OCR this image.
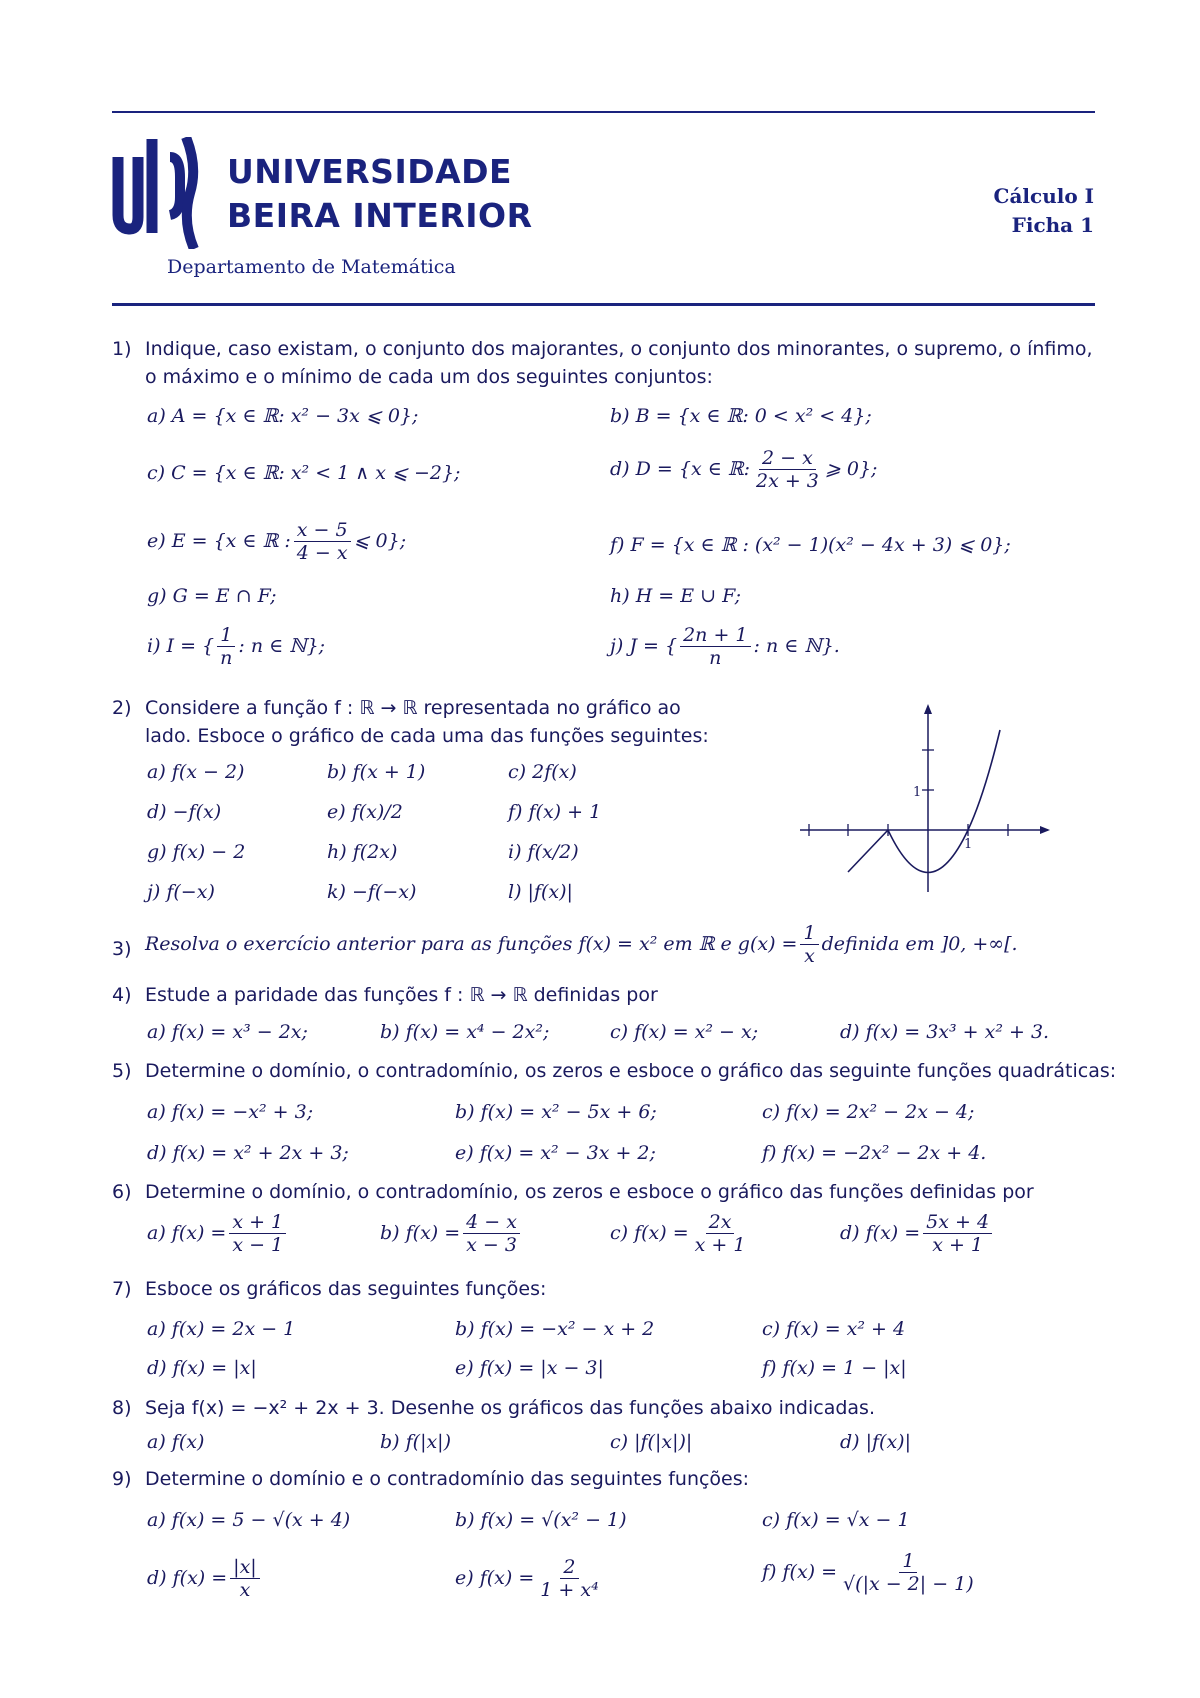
UNIVERSIDADE
BEIRA INTERIOR
Departamento de Matemática
Cálculo I
Ficha 1
1) Indique, caso existam, o conjunto dos majorantes, o conjunto dos minorantes, o supremo, o ínfimo,
o máximo e o mínimo de cada um dos seguintes conjuntos:
a) A = {x ∈ ℝ: x² − 3x ⩽ 0};	b) B = {x ∈ ℝ: 0 < x² < 4};
c) C = {x ∈ ℝ: x² < 1 ∧ x ⩽ −2};	d) D = {x ∈ ℝ: $\frac{2 - x}{2x + 3}$ ⩾ 0};
e) E = {x ∈ ℝ : $\frac{x - 5}{4 - x}$ ⩽ 0};	f) F = {x ∈ ℝ : (x² − 1)(x² − 4x + 3) ⩽ 0};
g) G = E ∩ F;	h) H = E ∪ F;
i) I = { $\frac{1}{n}$ : n ∈ ℕ};	j) J = { $\frac{2n + 1}{n}$ : n ∈ ℕ}.
2) Considere a função f : ℝ → ℝ representada no gráfico ao
lado. Esboce o gráfico de cada uma das funções seguintes:
a) f(x − 2)	b) f(x + 1)	c) 2f(x)
d) −f(x)	e) f(x)/2	f) f(x) + 1
g) f(x) − 2	h) f(2x)	i) f(x/2)
j) f(−x)	k) −f(−x)	l) |f(x)|
1
1
3) Resolva o exercício anterior para as funções f(x) = x² em ℝ e $g(x) = \frac{1}{x}$ definida em ]0, +∞[.
4) Estude a paridade das funções f : ℝ → ℝ definidas por
a) f(x) = x³ − 2x;	b) f(x) = x⁴ − 2x²;	c) f(x) = x² − x;	d) f(x) = 3x³ + x² + 3.
5) Determine o domínio, o contradomínio, os zeros e esboce o gráfico das seguinte funções quadráticas:
a) f(x) = −x² + 3;	b) f(x) = x² − 5x + 6;	c) f(x) = 2x² − 2x − 4;
d) f(x) = x² + 2x + 3;	e) f(x) = x² − 3x + 2;	f) f(x) = −2x² − 2x + 4.
6) Determine o domínio, o contradomínio, os zeros e esboce o gráfico das funções definidas por
a) $f(x) = \frac{x + 1}{x - 1}$	b) $f(x) = \frac{4 - x}{x - 3}$	c) $f(x) = \frac{2x}{x + 1}$	d) $f(x) = \frac{5x + 4}{x + 1}$
7) Esboce os gráficos das seguintes funções:
a) f(x) = 2x − 1	b) f(x) = −x² − x + 2	c) f(x) = x² + 4
d) f(x) = |x|	e) f(x) = |x − 3|	f) f(x) = 1 − |x|
8) Seja f(x) = −x² + 2x + 3. Desenhe os gráficos das funções abaixo indicadas.
a) f(x)	b) f(|x|)	c) |f(|x|)|	d) |f(x)|
9) Determine o domínio e o contradomínio das seguintes funções:
a) f(x) = 5 − √(x + 4)	b) f(x) = √(x² − 1)	c) f(x) = √x − 1
d) $f(x) = \frac{|x|}{x}$	e) $f(x) = \frac{2}{\text{1 + x⁴}}$	f) $f(x) = \frac{1}{√(|x - 2| - 1)}$
